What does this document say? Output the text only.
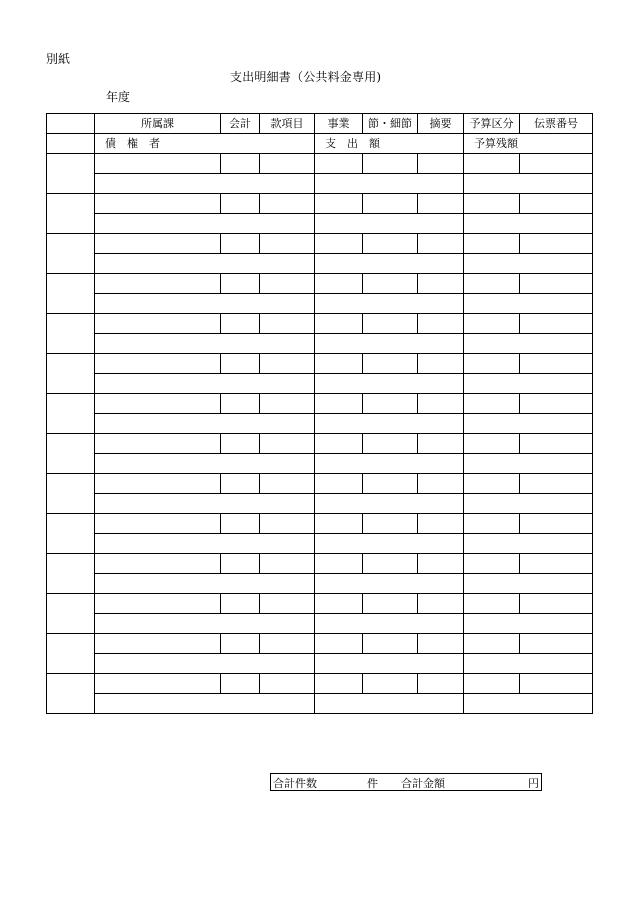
別紙
支出明細書（公共料金専用)
年度
	所属課	会計	款項目	事業	節・細節	摘要	予算区分	伝票番号
	債　権　者			支　出　額			予算残額	

合計件数	件 合計金額	円
